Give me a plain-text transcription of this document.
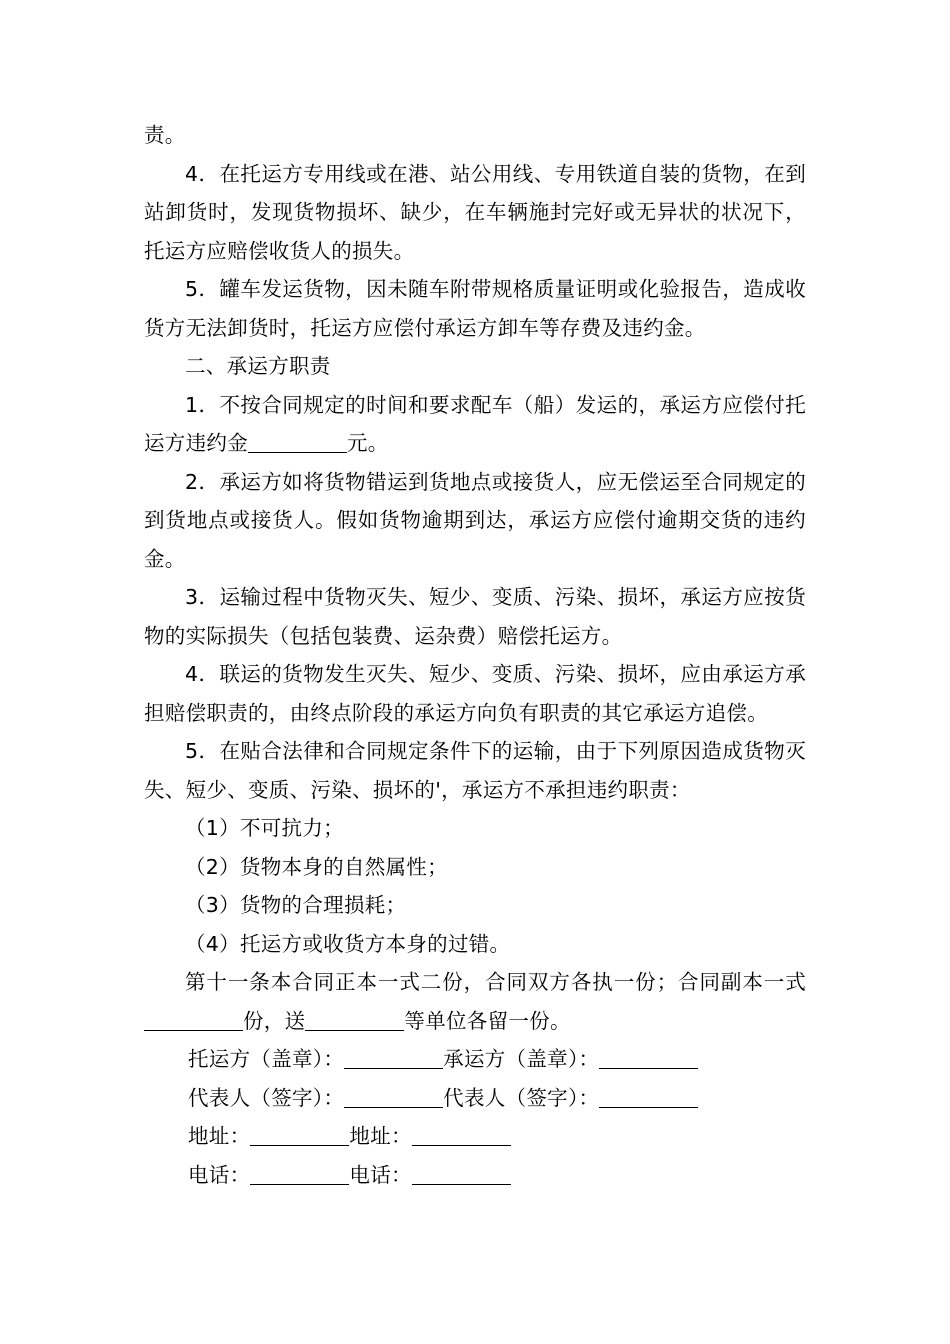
责。

4．在托运方专用线或在港、站公用线、专用铁道自装的货物，在到站卸货时，发现货物损坏、缺少，在车辆施封完好或无异状的状况下，托运方应赔偿收货人的损失。

5．罐车发运货物，因未随车附带规格质量证明或化验报告，造成收货方无法卸货时，托运方应偿付承运方卸车等存费及违约金。

二、承运方职责

1．不按合同规定的时间和要求配车（船）发运的，承运方应偿付托运方违约金	元。

2．承运方如将货物错运到货地点或接货人，应无偿运至合同规定的到货地点或接货人。假如货物逾期到达，承运方应偿付逾期交货的违约金。

3．运输过程中货物灭失、短少、变质、污染、损坏，承运方应按货物的实际损失（包括包装费、运杂费）赔偿托运方。

4．联运的货物发生灭失、短少、变质、污染、损坏，应由承运方承担赔偿职责的，由终点阶段的承运方向负有职责的其它承运方追偿。

5．在贴合法律和合同规定条件下的运输，由于下列原因造成货物灭失、短少、变质、污染、损坏的'，承运方不承担违约职责：

（1）不可抗力；

（2）货物本身的自然属性；

（3）货物的合理损耗；

（4）托运方或收货方本身的过错。

第十一条本合同正本一式二份，合同双方各执一份；合同副本一式份，送	等单位各留一份。

托运方（盖章）：	承运方（盖章）：

代表人（签字）：	代表人（签字）：

地址：	地址：

电话：	电话：
